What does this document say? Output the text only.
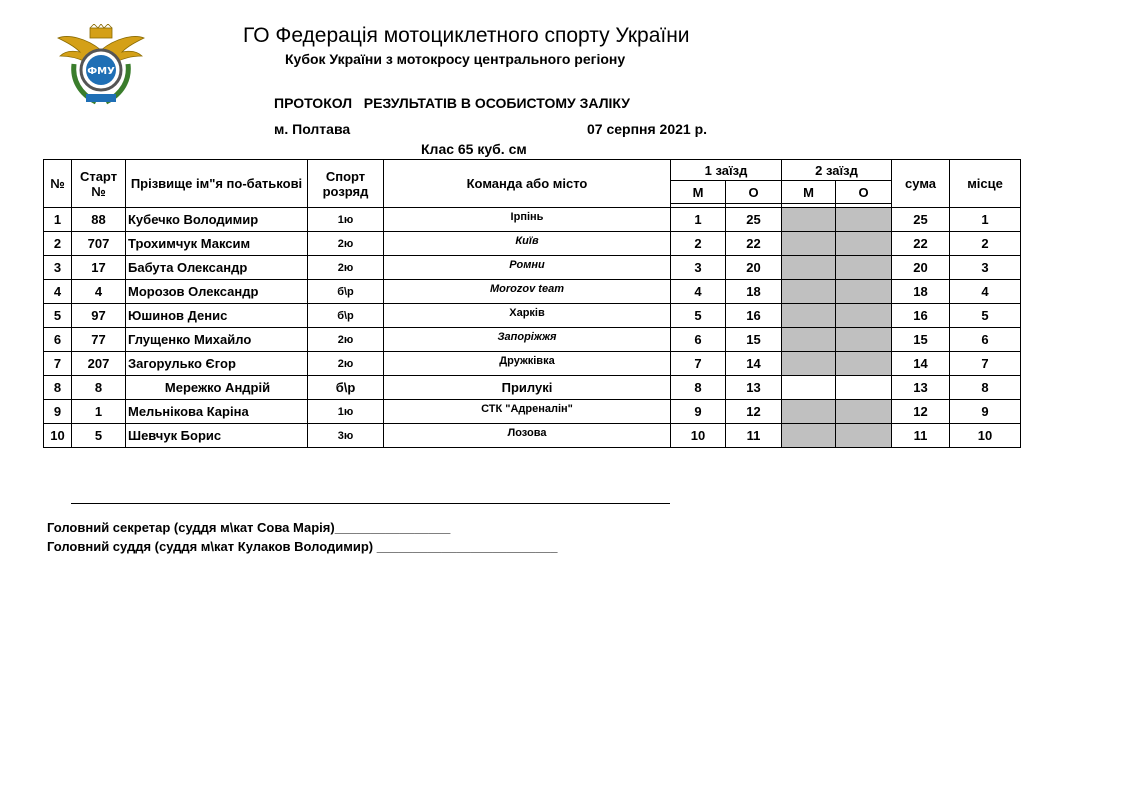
ФМУ
ГО Федерація мотоциклетного спорту України
Кубок України з мотокросу центрального регіону
ПРОТОКОЛ   РЕЗУЛЬТАТІВ В ОСОБИСТОМУ ЗАЛІКУ
м. Полтава	07 серпня 2021 р.
Клас 65 куб. см
№	Старт №	Прізвище ім"я по-батькові	Спорт розряд	Команда або місто	1 заїзд		2 заїзд		сума	місце
					М	О	М	О		

1	88	Кубечко Володимир	1ю	Ірпінь	1	25			25	1
2	707	Трохимчук Максим	2ю	Київ	2	22			22	2
3	17	Бабута Олександр	2ю	Ромни	3	20			20	3
4	4	Морозов Олександр	б\р	Morozov team	4	18			18	4
5	97	Юшинов Денис	б\р	Харків	5	16			16	5
6	77	Глущенко Михайло	2ю	Запоріжжя	6	15			15	6
7	207	Загорулько Єгор	2ю	Дружківка	7	14			14	7
8	8	Мережко Андрій	б\р	Прилукі	8	13			13	8
9	1	Мельнікова Каріна	1ю	СТК "Адреналін"	9	12			12	9
10	5	Шевчук Борис	3ю	Лозова	10	11			11	10
Головний секретар (суддя м\кат Сова Марія)________________
Головний суддя (суддя м\кат Кулаков Володимир) _________________________
